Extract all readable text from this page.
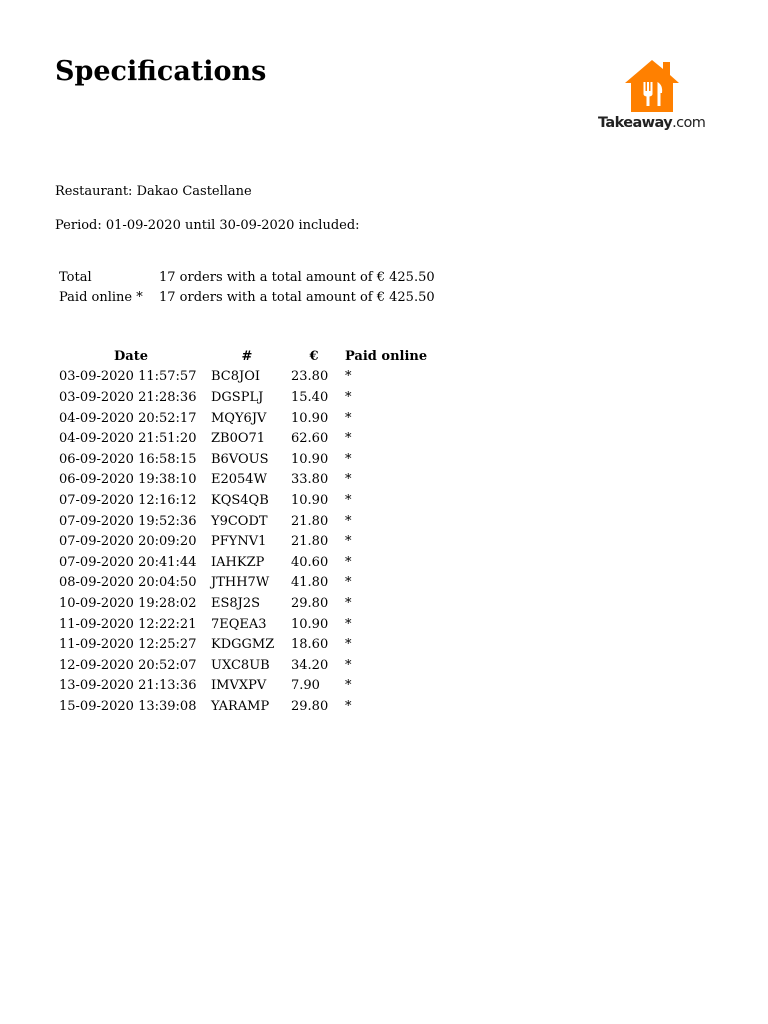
Specifications
Takeaway.com

Restaurant: Dakao Castellane

Period: 01-09-2020 until 30-09-2020 included:

Total	17 orders with a total amount of € 425.50
Paid online *	17 orders with a total amount of € 425.50
Date	#	€	Paid online
03-09-2020 11:57:57	BC8JOI	23.80	*
03-09-2020 21:28:36	DGSPLJ	15.40	*
04-09-2020 20:52:17	MQY6JV	10.90	*
04-09-2020 21:51:20	ZB0O71	62.60	*
06-09-2020 16:58:15	B6VOUS	10.90	*
06-09-2020 19:38:10	E2054W	33.80	*
07-09-2020 12:16:12	KQS4QB	10.90	*
07-09-2020 19:52:36	Y9CODT	21.80	*
07-09-2020 20:09:20	PFYNV1	21.80	*
07-09-2020 20:41:44	IAHKZP	40.60	*
08-09-2020 20:04:50	JTHH7W	41.80	*
10-09-2020 19:28:02	ES8J2S	29.80	*
11-09-2020 12:22:21	7EQEA3	10.90	*
11-09-2020 12:25:27	KDGGMZ	18.60	*
12-09-2020 20:52:07	UXC8UB	34.20	*
13-09-2020 21:13:36	IMVXPV	7.90	*
15-09-2020 13:39:08	YARAMP	29.80	*
